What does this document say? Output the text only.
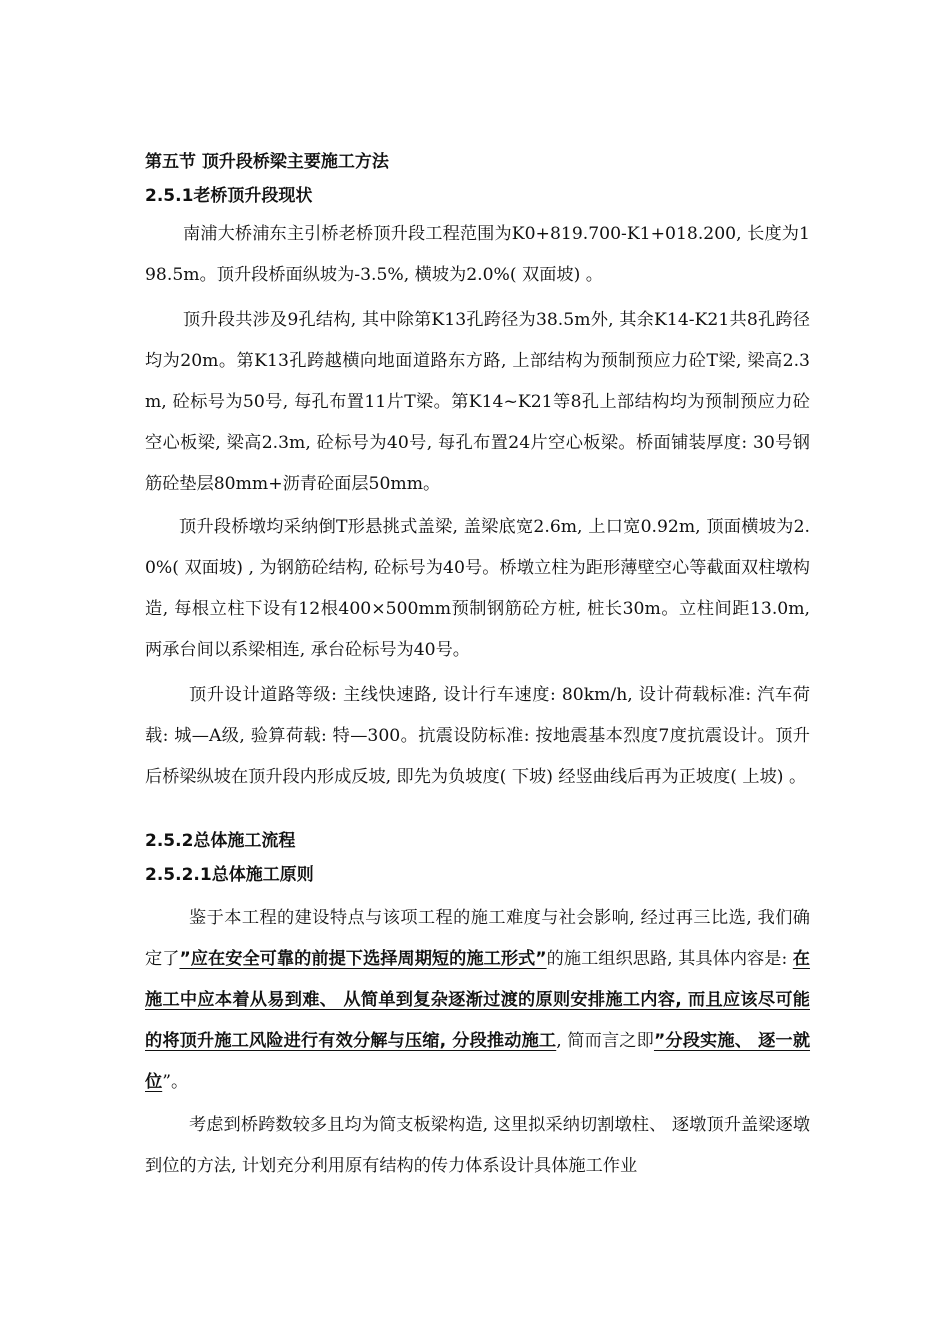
第五节 顶升段桥梁主要施工方法
2.5.1老桥顶升段现状

南浦大桥浦东主引桥老桥顶升段工程范围为K0+819.700-K1+018.200, 长度为198.5m。顶升段桥面纵坡为-3.5%, 横坡为2.0%( 双面坡) 。

顶升段共涉及9孔结构, 其中除第K13孔跨径为38.5m外, 其余K14-K21共8孔跨径均为20m。第K13孔跨越横向地面道路东方路, 上部结构为预制预应力砼T梁, 梁高2.3m, 砼标号为50号, 每孔布置11片T梁。第K14~K21等8孔上部结构均为预制预应力砼空心板梁, 梁高2.3m, 砼标号为40号, 每孔布置24片空心板梁。桥面铺装厚度: 30号钢筋砼垫层80mm+沥青砼面层50mm。

顶升段桥墩均采纳倒T形悬挑式盖梁, 盖梁底宽2.6m, 上口宽0.92m, 顶面横坡为2.0%( 双面坡) , 为钢筋砼结构, 砼标号为40号。桥墩立柱为距形薄壁空心等截面双柱墩构造, 每根立柱下设有12根400×500mm预制钢筋砼方桩, 桩长30m。立柱间距13.0m, 两承台间以系梁相连, 承台砼标号为40号。

顶升设计道路等级: 主线快速路, 设计行车速度: 80km/h, 设计荷载标准: 汽车荷载: 城—A级, 验算荷载: 特—300。抗震设防标准: 按地震基本烈度7度抗震设计。顶升后桥梁纵坡在顶升段内形成反坡, 即先为负坡度( 下坡) 经竖曲线后再为正坡度( 上坡) 。

2.5.2总体施工流程
2.5.2.1总体施工原则

鉴于本工程的建设特点与该项工程的施工难度与社会影响, 经过再三比选, 我们确定了”应在安全可靠的前提下选择周期短的施工形式”的施工组织思路, 其具体内容是: 在施工中应本着从易到难、 从简单到复杂逐渐过渡的原则安排施工内容, 而且应该尽可能的将顶升施工风险进行有效分解与压缩, 分段推动施工, 简而言之即”分段实施、 逐一就位”。

考虑到桥跨数较多且均为简支板梁构造, 这里拟采纳切割墩柱、 逐墩顶升盖梁逐墩到位的方法, 计划充分利用原有结构的传力体系设计具体施工作业
